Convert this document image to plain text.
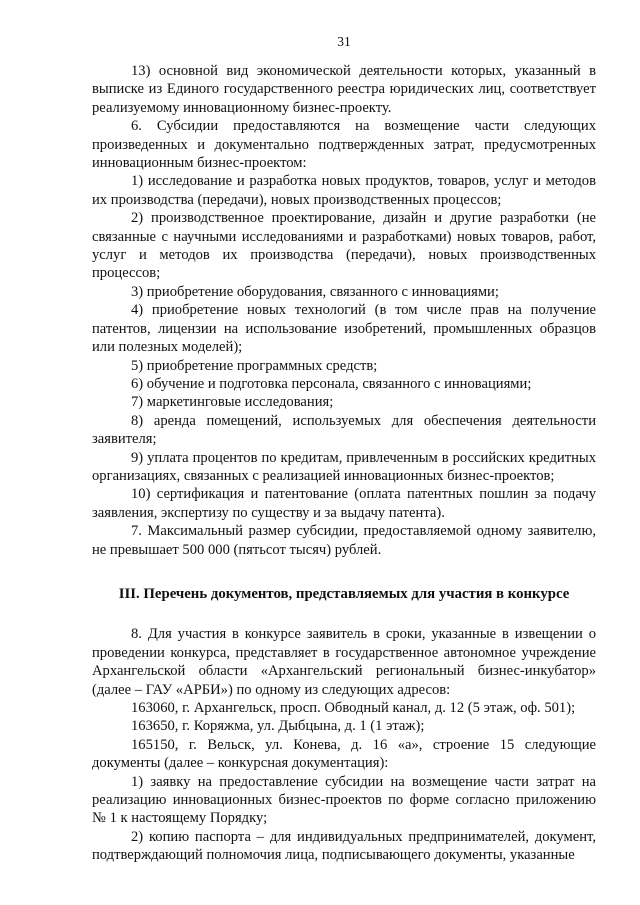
31

13) основной вид экономической деятельности которых, указанный в выписке из Единого государственного реестра юридических лиц, соответствует реализуемому инновационному бизнес-проекту.

6. Субсидии предоставляются на возмещение части следующих произведенных и документально подтвержденных затрат, предусмотренных инновационным бизнес-проектом:

1) исследование и разработка новых продуктов, товаров, услуг и методов их производства (передачи), новых производственных процессов;

2) производственное проектирование, дизайн и другие разработки (не связанные с научными исследованиями и разработками) новых товаров, работ, услуг и методов их производства (передачи), новых производственных процессов;

3) приобретение оборудования, связанного с инновациями;

4) приобретение новых технологий (в том числе прав на получение патентов, лицензии на использование изобретений, промышленных образцов или полезных моделей);

5) приобретение программных средств;

6) обучение и подготовка персонала, связанного с инновациями;

7) маркетинговые исследования;

8) аренда помещений, используемых для обеспечения деятельности заявителя;

9) уплата процентов по кредитам, привлеченным в российских кредитных организациях, связанных с реализацией инновационных бизнес-проектов;

10) сертификация и патентование (оплата патентных пошлин за подачу заявления, экспертизу по существу и за выдачу патента).

7. Максимальный размер субсидии, предоставляемой одному заявителю, не превышает 500 000 (пятьсот тысяч) рублей.

III. Перечень документов, представляемых для участия в конкурсе

8. Для участия в конкурсе заявитель в сроки, указанные в извещении о проведении конкурса, представляет в государственное автономное учреждение Архангельской области «Архангельский региональный бизнес-инкубатор» (далее – ГАУ «АРБИ») по одному из следующих адресов:

163060, г. Архангельск, просп. Обводный канал, д. 12 (5 этаж, оф. 501);

163650, г. Коряжма, ул. Дыбцына, д. 1 (1 этаж);

165150, г. Вельск, ул. Конева, д. 16 «а», строение 15 следующие документы (далее – конкурсная документация):

1) заявку на предоставление субсидии на возмещение части затрат на реализацию инновационных бизнес-проектов по форме согласно приложению № 1 к настоящему Порядку;

2) копию паспорта – для индивидуальных предпринимателей, документ, подтверждающий полномочия лица, подписывающего документы, указанные
